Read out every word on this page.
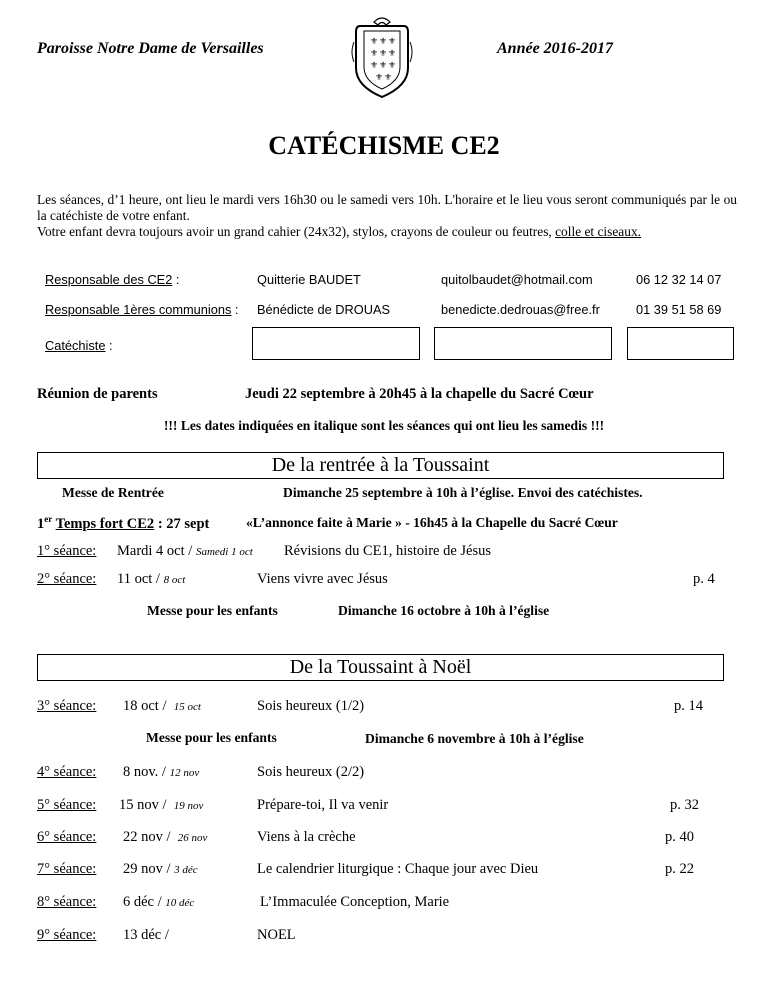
Paroisse Notre Dame de Versailles	Année 2016-2017
⚜ ⚜ ⚜
⚜ ⚜ ⚜
⚜ ⚜ ⚜
⚜ ⚜
CATÉCHISME CE2
Les séances, d’1 heure, ont lieu le mardi vers 16h30 ou le samedi vers 10h. L'horaire et le lieu vous seront communiqués par le ou la catéchiste de votre enfant.
Votre enfant devra toujours avoir un grand cahier (24x32), stylos, crayons de couleur ou feutres, colle et ciseaux.
Responsable des CE2 :	Quitterie BAUDET	quitolbaudet@hotmail.com	06 12 32 14 07
Responsable 1ères communions : Bénédicte de DROUAS	benedicte.dedrouas@free.fr	01 39 51 58 69
Catéchiste :
Réunion de parents	Jeudi 22 septembre à 20h45 à la chapelle du Sacré Cœur
!!! Les dates indiquées en italique sont les séances qui ont lieu les samedis !!!
De la rentrée à la Toussaint
Messe de Rentrée	Dimanche 25 septembre à 10h à l’église. Envoi des catéchistes.
1er Temps fort CE2 : 27 sept	«L’annonce faite à Marie » - 16h45 à la Chapelle du Sacré Cœur
1° séance: Mardi 4 oct / Samedi 1 oct Révisions du CE1, histoire de Jésus
2° séance: 11 oct / 8 oct	Viens vivre avec Jésus	p. 4
Messe pour les enfants	Dimanche 16 octobre à 10h à l’église
De la Toussaint à Noël
3° séance: 18 oct / 15 oct	Sois heureux (1/2)	p. 14
Messe pour les enfants	Dimanche 6 novembre à 10h à l’église
4° séance: 8 nov. / 12 nov	Sois heureux (2/2)
5° séance: 15 nov / 19 nov	Prépare-toi, Il va venir	p. 32
6° séance: 22 nov / 26 nov	Viens à la crèche	p. 40
7° séance: 29 nov / 3 déc	Le calendrier liturgique : Chaque jour avec Dieu	p. 22
8° séance: 6 déc / 10 déc	L’Immaculée Conception, Marie
9° séance: 13 déc /	NOEL
